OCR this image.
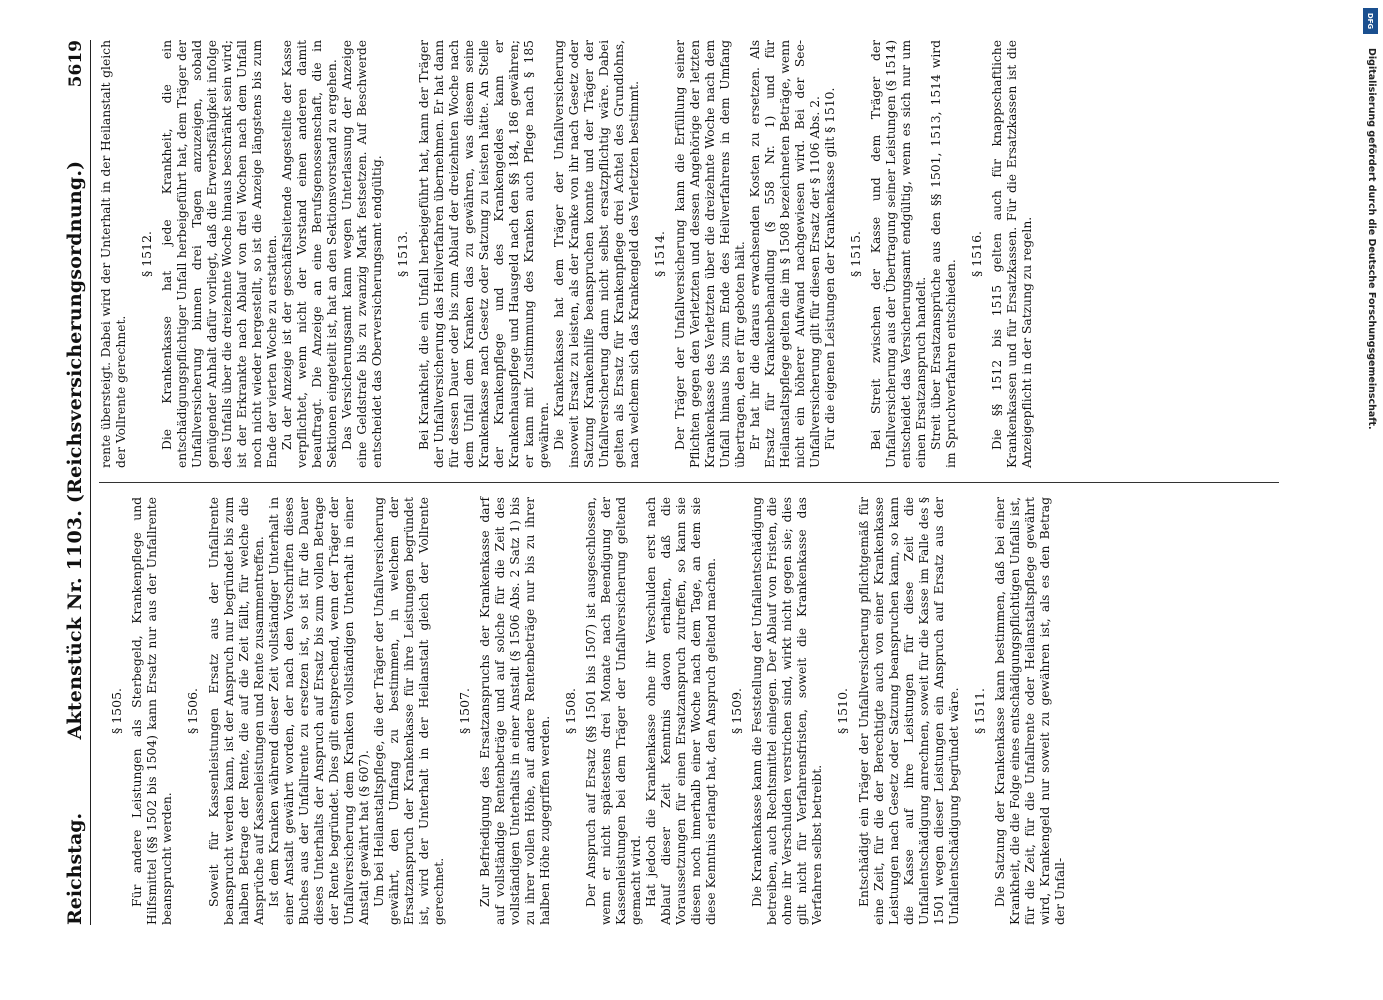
Reichstag.
Aktenstück Nr. 1103. (Reichsversicherungsordnung.)
5619
§ 1505. Für andere Leistungen als Sterbegeld, Krankenpflege und Hilfsmittel (§§ 1502 bis 1504) kann Ersatz nur aus der Unfallrente beansprucht werden.

§ 1506. Soweit für Kassenleistungen Ersatz aus der Unfallrente beansprucht werden kann, ist der Anspruch nur begründet bis zum halben Betrage der Rente, die auf die Zeit fällt, für welche die Ansprüche auf Kassenleistungen und Rente zusammentreffen. Ist dem Kranken während dieser Zeit vollständiger Unterhalt in einer Anstalt gewährt worden, der nach den Vorschriften dieses Buches aus der Unfallrente zu ersetzen ist, so ist für die Dauer dieses Unterhalts der Anspruch auf Ersatz bis zum vollen Betrage der Rente begründet. Dies gilt entsprechend, wenn der Träger der Unfallversicherung dem Kranken vollständigen Unterhalt in einer Anstalt gewährt hat (§ 607). Um bei Heilanstaltspflege, die der Träger der Unfallversicherung gewährt, den Umfang zu bestimmen, in welchem der Ersatzanspruch der Krankenkasse für ihre Leistungen begründet ist, wird der Unterhalt in der Heilanstalt gleich der Vollrente gerechnet.

§ 1507. Zur Befriedigung des Ersatzanspruchs der Krankenkasse darf auf vollständige Rentenbeträge und auf solche für die Zeit des vollständigen Unterhalts in einer Anstalt (§ 1506 Abs. 2 Satz 1) bis zu ihrer vollen Höhe, auf andere Rentenbeträge nur bis zu ihrer halben Höhe zugegriffen werden.

§ 1508. Der Anspruch auf Ersatz (§§ 1501 bis 1507) ist ausgeschlossen, wenn er nicht spätestens drei Monate nach Beendigung der Kassenleistungen bei dem Träger der Unfallversicherung geltend gemacht wird. Hat jedoch die Krankenkasse ohne ihr Verschulden erst nach Ablauf dieser Zeit Kenntnis davon erhalten, daß die Voraussetzungen für einen Ersatzanspruch zutreffen, so kann sie diesen noch innerhalb einer Woche nach dem Tage, an dem sie diese Kenntnis erlangt hat, den Anspruch geltend machen. § 1509. Die Krankenkasse kann die Feststellung der Unfallentschädigung betreiben, auch Rechtsmittel einlegen. Der Ablauf von Fristen, die ohne ihr Verschulden verstrichen sind, wirkt nicht gegen sie; dies gilt nicht für Verfahrensfristen, soweit die Krankenkasse das Verfahren selbst betreibt.

§ 1510. Entschädigt ein Träger der Unfallversicherung pflichtgemäß für eine Zeit, für die der Berechtigte auch von einer Krankenkasse Leistungen nach Gesetz oder Satzung beanspruchen kann, so kann die Kasse auf ihre Leistungen für diese Zeit die Unfallentschädigung anrechnen, soweit für die Kasse im Falle des § 1501 wegen dieser Leistungen ein Anspruch auf Ersatz aus der Unfallentschädigung begründet wäre. § 1511. Die Satzung der Krankenkasse kann bestimmen, daß bei einer Krankheit, die die Folge eines entschädigungspflichtigen Unfalls ist, für die Zeit, für die Unfallrente oder Heilanstaltspflege gewährt wird, Krankengeld nur soweit zu gewähren ist, als es den Betrag der Unfall-

rente übersteigt. Dabei wird der Unterhalt in der Heilanstalt gleich der Vollrente gerechnet.

§ 1512. Die Krankenkasse hat jede Krankheit, die ein entschädigungspflichtiger Unfall herbeigeführt hat, dem Träger der Unfallversicherung binnen drei Tagen anzuzeigen, sobald genügender Anhalt dafür vorliegt, daß die Erwerbsfähigkeit infolge des Unfalls über die dreizehnte Woche hinaus beschränkt sein wird; ist der Erkrankte nach Ablauf von drei Wochen nach dem Unfall noch nicht wieder hergestellt, so ist die Anzeige längstens bis zum Ende der vierten Woche zu erstatten. Zu der Anzeige ist der geschäftsleitende Angestellte der Kasse verpflichtet, wenn nicht der Vorstand einen anderen damit beauftragt. Die Anzeige an eine Berufsgenossenschaft, die in Sektionen eingeteilt ist, hat an den Sektionsvorstand zu ergehen. Das Versicherungsamt kann wegen Unterlassung der Anzeige eine Geldstrafe bis zu zwanzig Mark festsetzen. Auf Beschwerde entscheidet das Oberversicherungsamt endgültig. § 1513. Bei Krankheit, die ein Unfall herbeigeführt hat, kann der Träger der Unfallversicherung das Heilverfahren übernehmen. Er hat dann für dessen Dauer oder bis zum Ablauf der dreizehnten Woche nach dem Unfall dem Kranken das zu gewähren, was diesem seine Krankenkasse nach Gesetz oder Satzung zu leisten hätte. An Stelle der Krankenpflege und des Krankengeldes kann er Krankenhauspflege und Hausgeld nach den §§ 184, 186 gewähren; er kann mit Zustimmung des Kranken auch Pflege nach § 185 gewähren. Die Krankenkasse hat dem Träger der Unfallversicherung insoweit Ersatz zu leisten, als der Kranke von ihr nach Gesetz oder Satzung Krankenhilfe beanspruchen konnte und der Träger der Unfallversicherung dann nicht selbst ersatzpflichtig wäre. Dabei gelten als Ersatz für Krankenpflege drei Achtel des Grundlohns, nach welchem sich das Krankengeld des Verletzten bestimmt. § 1514. Der Träger der Unfallversicherung kann die Erfüllung seiner Pflichten gegen den Verletzten und dessen Angehörige der letzten Krankenkasse des Verletzten über die dreizehnte Woche nach dem Unfall hinaus bis zum Ende des Heilverfahrens in dem Umfang übertragen, den er für geboten hält. Er hat ihr die daraus erwachsenden Kosten zu ersetzen. Als Ersatz für Krankenbehandlung (§ 558 Nr. 1) und für Heilanstaltspflege gelten die im § 1508 bezeichneten Beträge, wenn nicht ein höherer Aufwand nachgewiesen wird. Bei der See-Unfallversicherung gilt für diesen Ersatz der § 1106 Abs. 2. Für die eigenen Leistungen der Krankenkasse gilt § 1510. § 1515. Bei Streit zwischen der Kasse und dem Träger der Unfallversicherung aus der Übertragung seiner Leistungen (§ 1514) entscheidet das Versicherungsamt endgültig, wenn es sich nur um einen Ersatzanspruch handelt. Streit über Ersatzansprüche aus den §§ 1501, 1513, 1514 wird im Spruchverfahren entschieden.

§ 1516. Die §§ 1512 bis 1515 gelten auch für knappschaftliche Krankenkassen und für Ersatzkassen. Für die Ersatzkassen ist die Anzeigepflicht in der Satzung zu regeln.

DFG
Digitalisierung gefördert durch die Deutsche Forschungsgemeinschaft.
